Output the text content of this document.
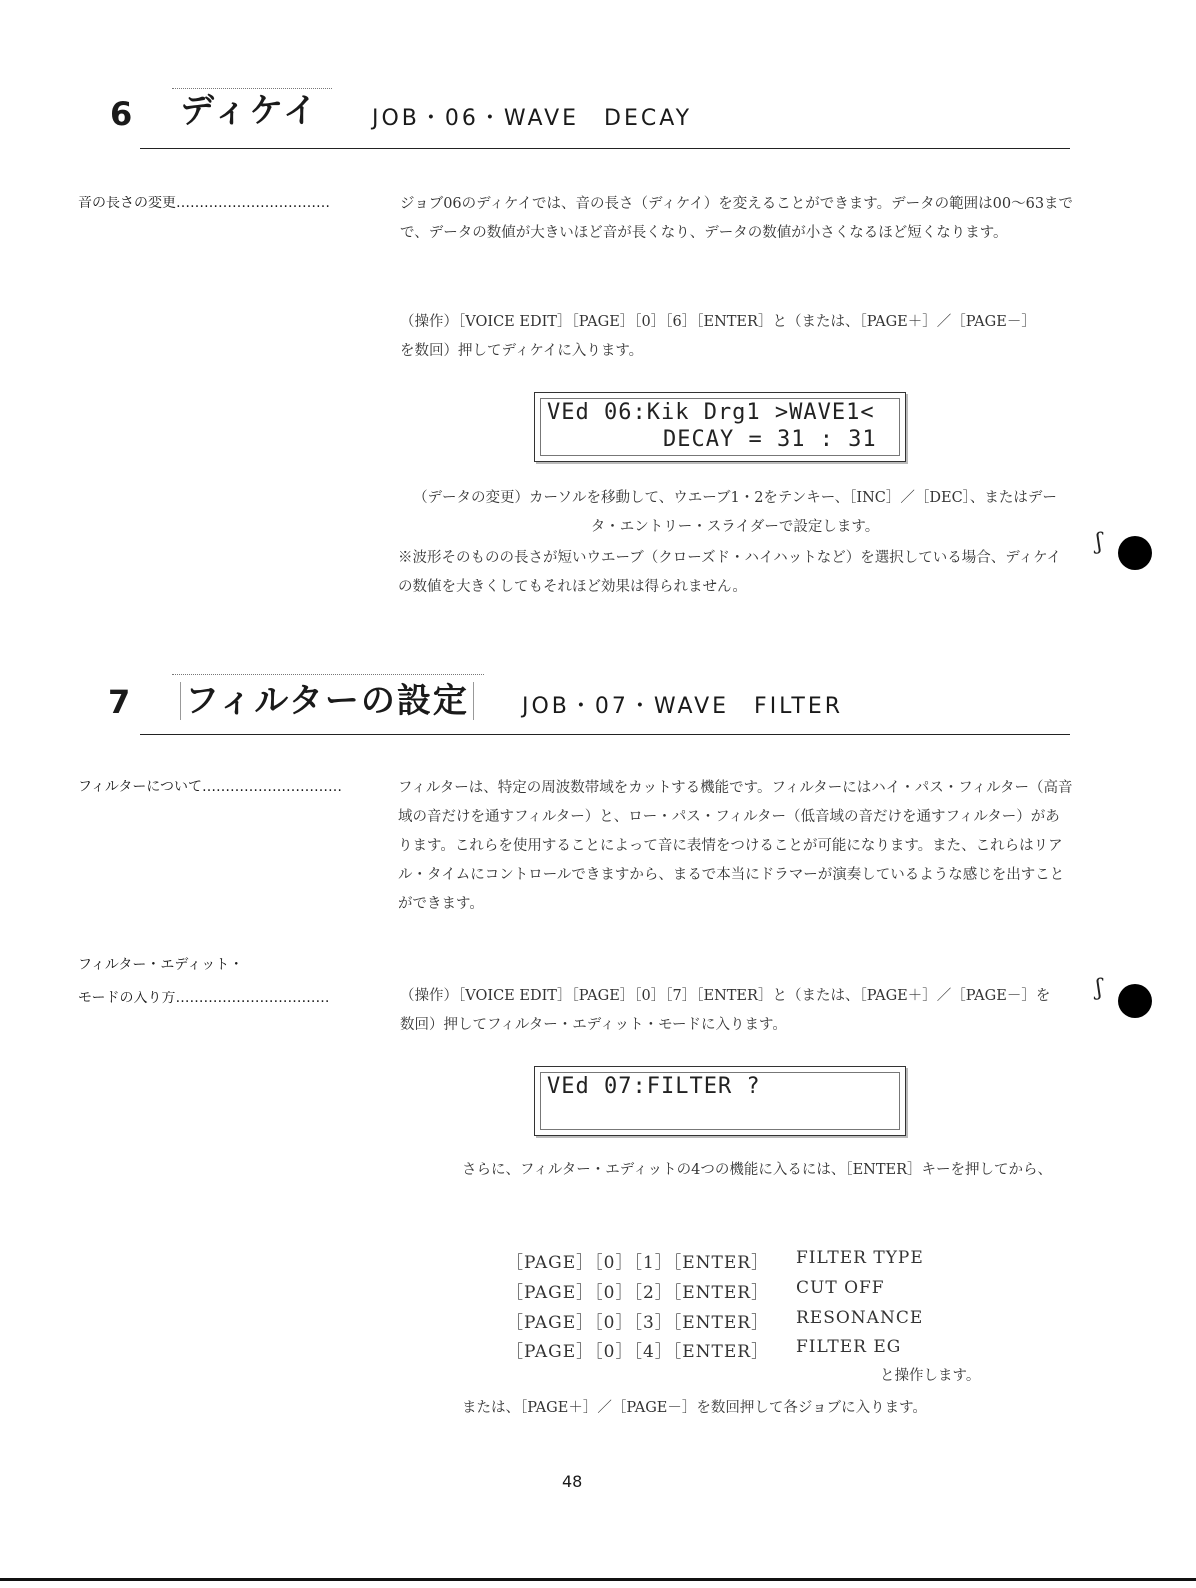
6 ディケイ JOB・06・WAVE　DECAY
音の長さの変更……………………………	ジョブ06のディケイでは、音の長さ（ディケイ）を変えることができます。データの範囲は00〜63までで、データの数値が大きいほど音が長くなり、データの数値が小さくなるほど短くなります。
（操作）［VOICE EDIT］［PAGE］［0］［6］［ENTER］と（または、［PAGE＋］／［PAGE－］を数回）押してディケイに入ります。
VEd 06:Kik Drg1 >WAVE1<
DECAY = 31 : 31
（データの変更）カーソルを移動して、ウエーブ1・2をテンキー、［INC］／［DEC］、またはデータ・エントリー・スライダーで設定します。
※波形そのものの長さが短いウエーブ（クローズド・ハイハットなど）を選択している場合、ディケイの数値を大きくしてもそれほど効果は得られません。
ʃ
7 フィルターの設定 JOB・07・WAVE　FILTER
フィルターについて…………………………	フィルターは、特定の周波数帯域をカットする機能です。フィルターにはハイ・パス・フィルター（高音域の音だけを通すフィルター）と、ロー・パス・フィルター（低音域の音だけを通すフィルター）があります。これらを使用することによって音に表情をつけることが可能になります。また、これらはリアル・タイムにコントロールできますから、まるで本当にドラマーが演奏しているような感じを出すことができます。
フィルター・エディット・
モードの入り方……………………………	（操作）［VOICE EDIT］［PAGE］［0］［7］［ENTER］と（または、［PAGE＋］／［PAGE－］を数回）押してフィルター・エディット・モードに入ります。
ʃ
VEd 07:FILTER ?
さらに、フィルター・エディットの4つの機能に入るには、［ENTER］キーを押してから、
［PAGE］［0］［1］［ENTER］ FILTER TYPE
［PAGE］［0］［2］［ENTER］ CUT OFF
［PAGE］［0］［3］［ENTER］ RESONANCE
［PAGE］［0］［4］［ENTER］ FILTER EG
と操作します。
または、［PAGE＋］／［PAGE－］を数回押して各ジョブに入ります。
48
